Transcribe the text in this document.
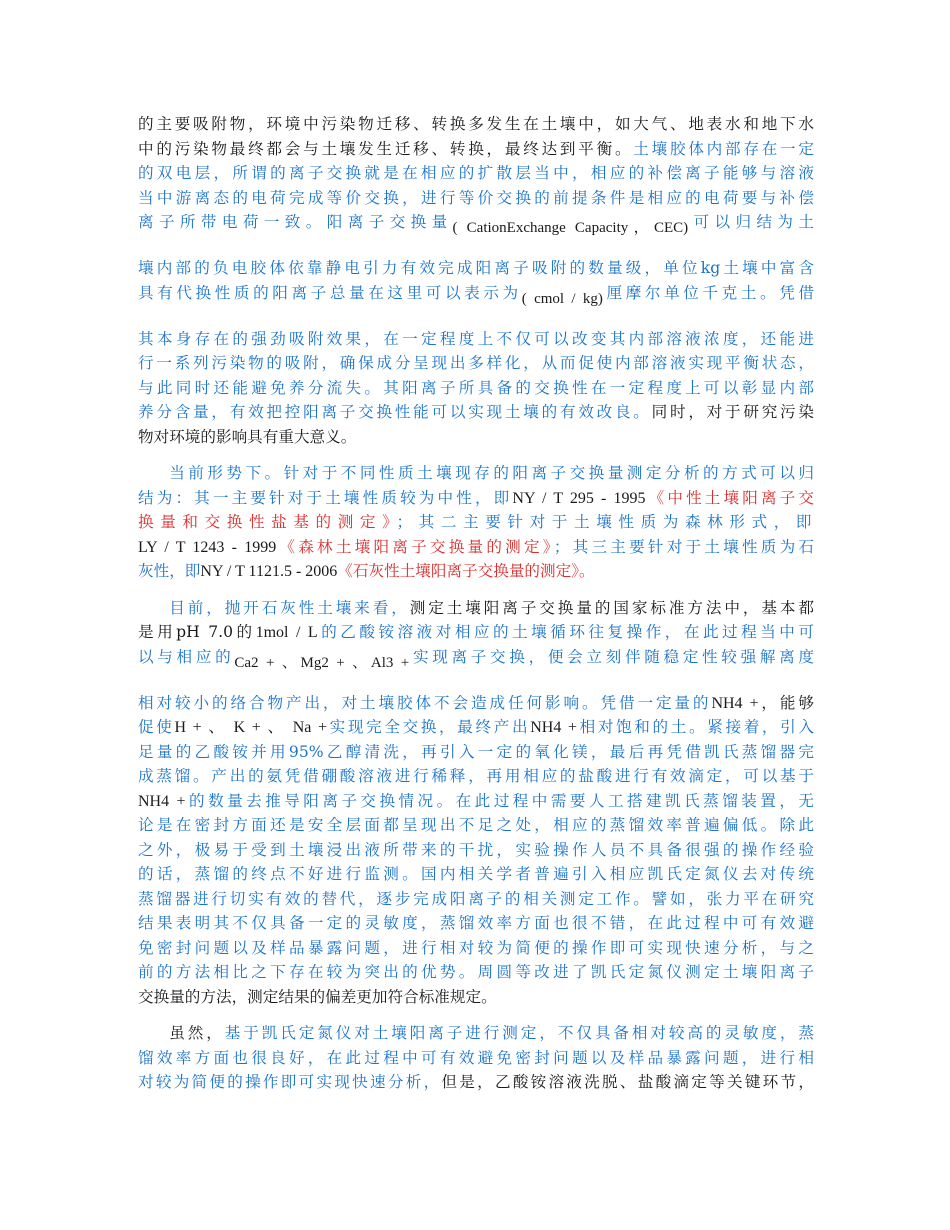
的主要吸附物，环境中污染物迁移、转换多发生在土壤中，如大气、地表水和地下水
中的污染物最终都会与土壤发生迁移、转换，最终达到平衡。土壤胶体内部存在一定
的双电层，所谓的离子交换就是在相应的扩散层当中，相应的补偿离子能够与溶液
当中游离态的电荷完成等价交换，进行等价交换的前提条件是相应的电荷要与补偿
离子所带电荷一致。阳离子交换量( CationExchange Capacity，CEC)可以归结为土
壤内部的负电胶体依靠静电引力有效完成阳离子吸附的数量级，单位kg土壤中富含
具有代换性质的阳离子总量在这里可以表示为( cmol / kg)厘摩尔单位千克土。凭借
其本身存在的强劲吸附效果，在一定程度上不仅可以改变其内部溶液浓度，还能进
行一系列污染物的吸附，确保成分呈现出多样化，从而促使内部溶液实现平衡状态，
与此同时还能避免养分流失。其阳离子所具备的交换性在一定程度上可以彰显内部
养分含量，有效把控阳离子交换性能可以实现土壤的有效改良。同时，对于研究污染
物对环境的影响具有重大意义。
当前形势下。针对于不同性质土壤现存的阳离子交换量测定分析的方式可以归
结为：其一主要针对于土壤性质较为中性，即NY / T 295 - 1995《中性土壤阳离子交
换量和交换性盐基的测定》；其二主要针对于土壤性质为森林形式，即
LY / T 1243 - 1999《森林土壤阳离子交换量的测定》；其三主要针对于土壤性质为石
灰性，即NY / T 1121.5 - 2006《石灰性土壤阳离子交换量的测定》。
目前，抛开石灰性土壤来看，测定土壤阳离子交换量的国家标准方法中，基本都
是用pH 7.0的1mol / L的乙酸铵溶液对相应的土壤循环往复操作，在此过程当中可
以与相应的Ca2 + 、Mg2 + 、Al3 +实现离子交换，便会立刻伴随稳定性较强解离度
相对较小的络合物产出，对土壤胶体不会造成任何影响。凭借一定量的NH4 +，能够
促使H + 、 K + 、 Na +实现完全交换，最终产出NH4 +相对饱和的土。紧接着，引入
足量的乙酸铵并用95%乙醇清洗，再引入一定的氧化镁，最后再凭借凯氏蒸馏器完
成蒸馏。产出的氨凭借硼酸溶液进行稀释，再用相应的盐酸进行有效滴定，可以基于
NH4 +的数量去推导阳离子交换情况。在此过程中需要人工搭建凯氏蒸馏装置，无
论是在密封方面还是安全层面都呈现出不足之处，相应的蒸馏效率普遍偏低。除此
之外，极易于受到土壤浸出液所带来的干扰，实验操作人员不具备很强的操作经验
的话，蒸馏的终点不好进行监测。国内相关学者普遍引入相应凯氏定氮仪去对传统
蒸馏器进行切实有效的替代，逐步完成阳离子的相关测定工作。譬如，张力平在研究
结果表明其不仅具备一定的灵敏度，蒸馏效率方面也很不错，在此过程中可有效避
免密封问题以及样品暴露问题，进行相对较为简便的操作即可实现快速分析，与之
前的方法相比之下存在较为突出的优势。周圆等改进了凯氏定氮仪测定土壤阳离子
交换量的方法，测定结果的偏差更加符合标准规定。
虽然，基于凯氏定氮仪对土壤阳离子进行测定，不仅具备相对较高的灵敏度，蒸
馏效率方面也很良好，在此过程中可有效避免密封问题以及样品暴露问题，进行相
对较为简便的操作即可实现快速分析，但是，乙酸铵溶液洗脱、盐酸滴定等关键环节，
